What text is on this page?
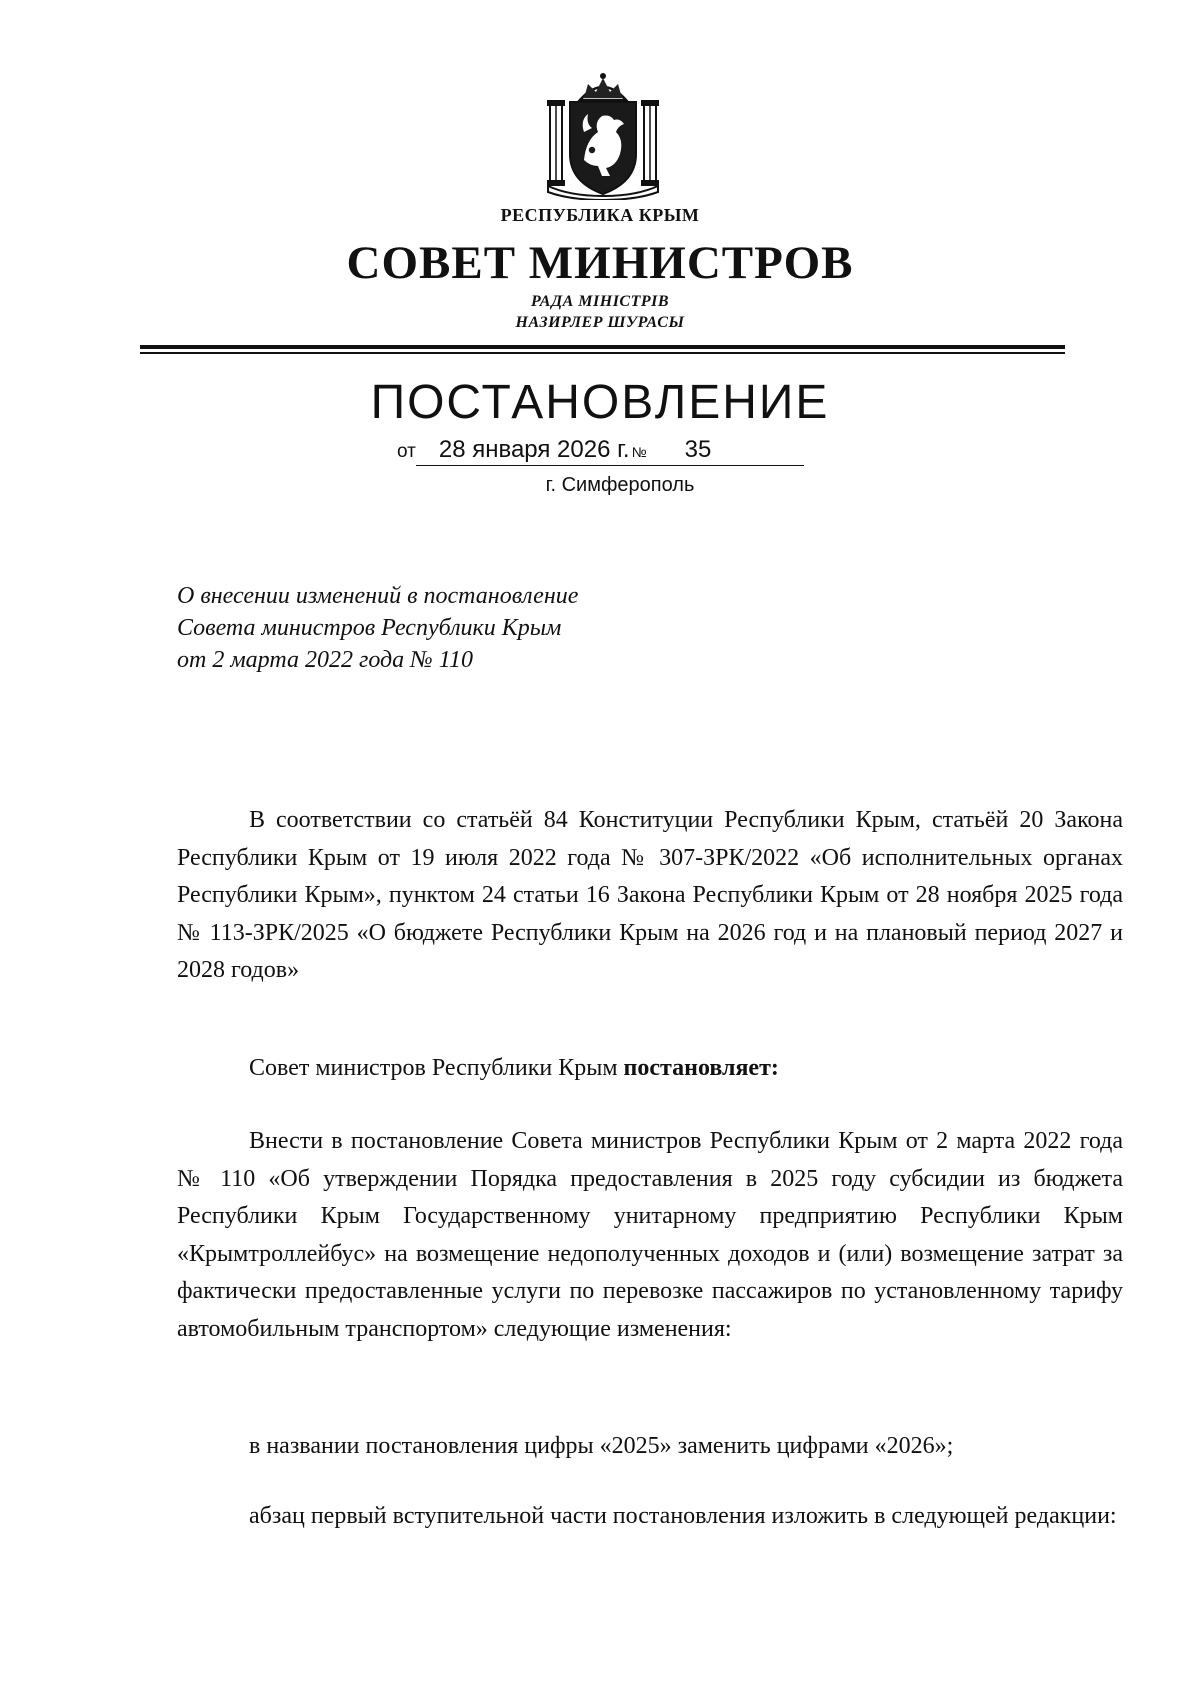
РЕСПУБЛИКА КРЫМ
СОВЕТ МИНИСТРОВ
РАДА МІНІСТРІВ
НАЗИРЛЕР ШУРАСЫ
ПОСТАНОВЛЕНИЕ
от 28 января 2026 г. № 35
г. Симферополь
О внесении изменений в постановление
Совета министров Республики Крым
от 2 марта 2022 года № 110

В соответствии со статьёй 84 Конституции Республики Крым, статьёй 20 Закона Республики Крым от 19 июля 2022 года № 307-ЗРК/2022 «Об исполнительных органах Республики Крым», пунктом 24 статьи 16 Закона Республики Крым от 28 ноября 2025 года № 113-ЗРК/2025 «О бюджете Республики Крым на 2026 год и на плановый период 2027 и 2028 годов»

Совет министров Республики Крым постановляет:

Внести в постановление Совета министров Республики Крым от 2 марта 2022 года № 110 «Об утверждении Порядка предоставления в 2025 году субсидии из бюджета Республики Крым Государственному унитарному предприятию Республики Крым «Крымтроллейбус» на возмещение недополученных доходов и (или) возмещение затрат за фактически предоставленные услуги по перевозке пассажиров по установленному тарифу автомобильным транспортом» следующие изменения:

в названии постановления цифры «2025» заменить цифрами «2026»;

абзац первый вступительной части постановления изложить в следующей редакции:
